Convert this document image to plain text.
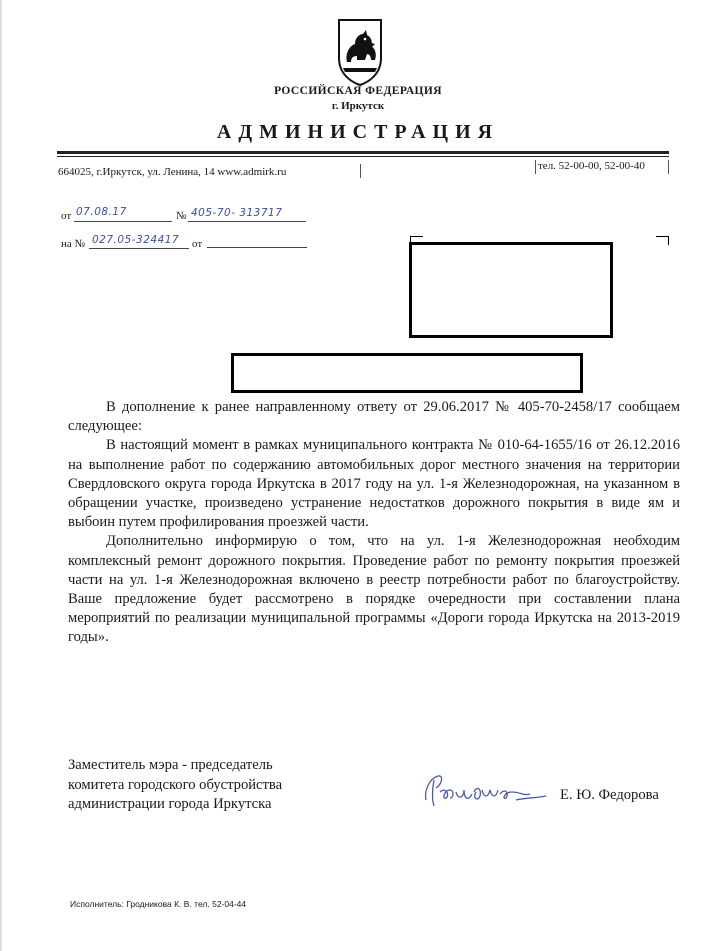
РОССИЙСКАЯ ФЕДЕРАЦИЯ
г. Иркутск
АДМИНИСТРАЦИЯ
664025, г.Иркутск, ул. Ленина, 14 www.admirk.ru	тел. 52-00-00, 52-00-40
от 07.08.17	№ 405-70- 313717
на № 027.05-324417 от

В дополнение к ранее направленному ответу от 29.06.2017 № 405-70-2458/17 сообщаем следующее:

В настоящий момент в рамках муниципального контракта № 010-64-1655/16 от 26.12.2016 на выполнение работ по содержанию автомобильных дорог местного значения на территории Свердловского округа города Иркутска в 2017 году на ул. 1-я Железнодорожная, на указанном в обращении участке, произведено устранение недостатков дорожного покрытия в виде ям и выбоин путем профилирования проезжей части.

Дополнительно информирую о том, что на ул. 1-я Железнодорожная необходим комплексный ремонт дорожного покрытия. Проведение работ по ремонту покрытия проезжей части на ул. 1-я Железнодорожная включено в реестр потребности работ по благоустройству. Ваше предложение будет рассмотрено в порядке очередности при составлении плана мероприятий по реализации муниципальной программы «Дороги города Иркутска на 2013-2019 годы».

Заместитель мэра - председатель
комитета городского обустройства
администрации города Иркутска
Е. Ю. Федорова
Исполнитель: Гродникова К. В. тел. 52-04-44
